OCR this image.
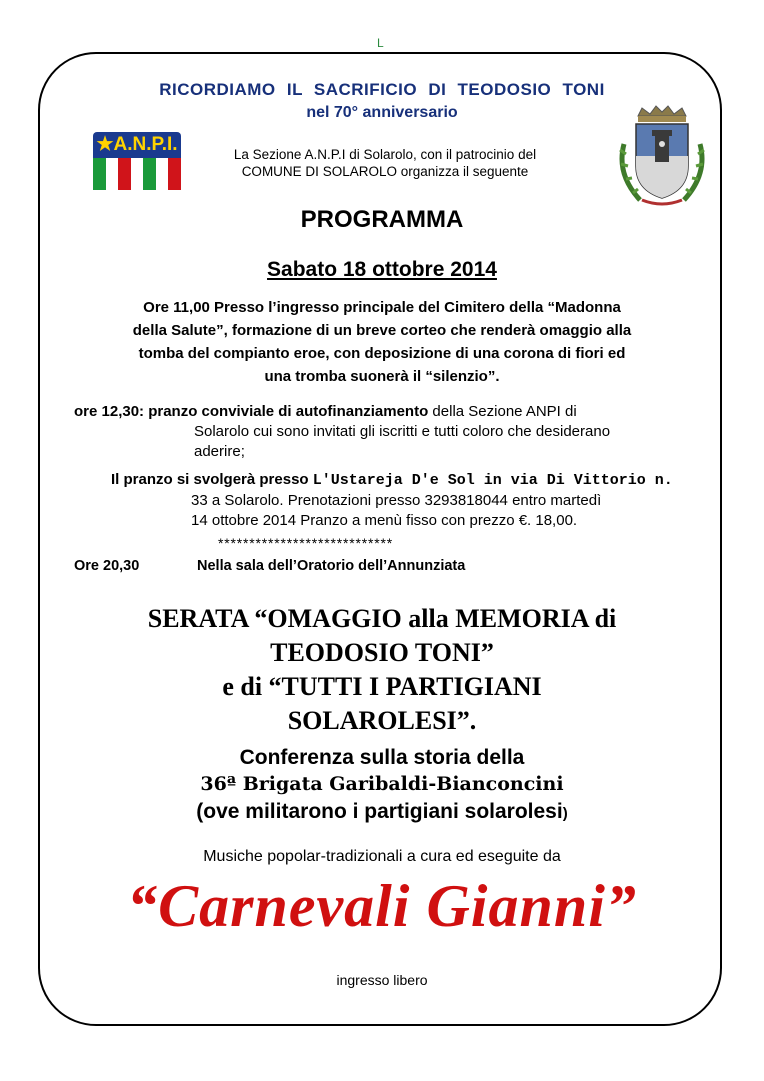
L
RICORDIAMO IL SACRIFICIO DI TEODOSIO TONI
nel 70° anniversario
★A.N.P.I.	La Sezione A.N.P.I di Solarolo, con il patrocinio del
COMUNE DI SOLAROLO organizza il seguente
PROGRAMMA
Sabato 18 ottobre 2014
Ore 11,00 Presso l’ingresso principale del Cimitero della “Madonna
della Salute”, formazione di un breve corteo che renderà omaggio alla
tomba del compianto eroe, con deposizione di una corona di fiori ed
una tromba suonerà il “silenzio”.
ore 12,30: pranzo conviviale di autofinanziamento della Sezione ANPI di
Solarolo cui sono invitati gli iscritti e tutti coloro che desiderano
aderire;
Il pranzo si svolgerà presso L'Ustareja D'e Sol in via Di Vittorio n.
33 a Solarolo. Prenotazioni presso 3293818044 entro martedì
14 ottobre 2014 Pranzo a menù fisso con prezzo €. 18,00.
****************************
Ore 20,30	Nella sala dell’Oratorio dell’Annunziata
SERATA “OMAGGIO alla MEMORIA di
TEODOSIO TONI”
e di “TUTTI I PARTIGIANI
SOLAROLESI”.
Conferenza sulla storia della
36ª Brigata Garibaldi-Bianconcini
(ove militarono i partigiani solarolesi)
Musiche popolar-tradizionali a cura ed eseguite da
“Carnevali Gianni”
ingresso libero
